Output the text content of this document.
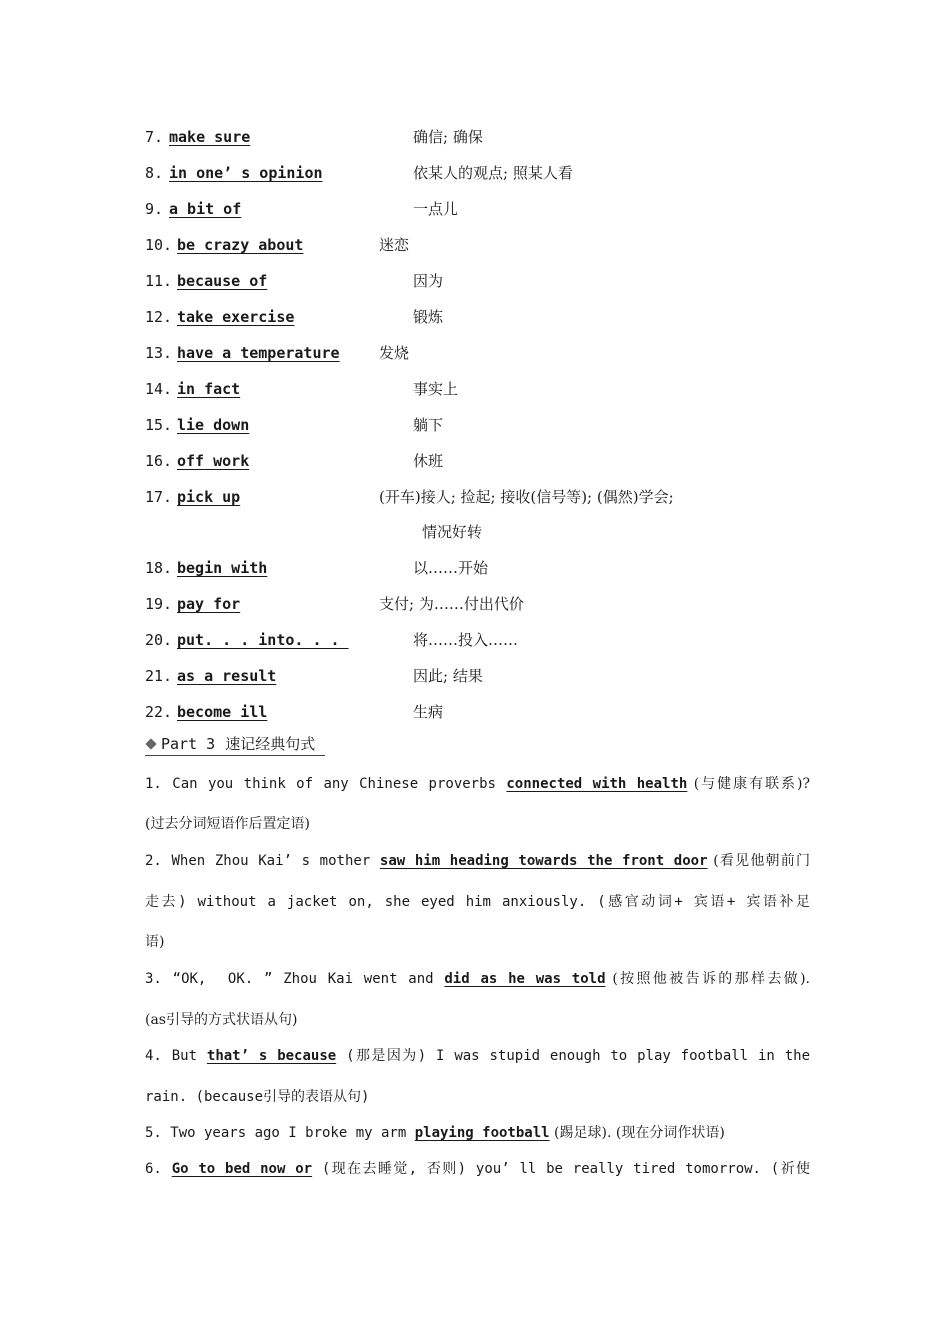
7. make sure	确信; 确保
8. in one’ s opinion	依某人的观点; 照某人看
9. a bit of	一点儿
10. be crazy about	迷恋
11. because of	因为
12. take exercise	锻炼
13. have a temperature	发烧
14. in fact	事实上
15. lie down	躺下
16. off work	休班
17. pick up	(开车)接人; 捡起; 接收(信号等); (偶然)学会;
情况好转
18. begin with	以……开始
19. pay for	支付; 为……付出代价
20. put. . . into. . .	将……投入……
21. as a result	因此; 结果
22. become ill	生病
Part 3 速记经典句式
1. Can you think of any Chinese proverbs connected with health (与健康有联系)?
(过去分词短语作后置定语)
2. When Zhou Kai’ s mother saw him heading towards the front door (看见他朝前门
走去) without a jacket on, she eyed him anxiously. (感官动词+ 宾语+ 宾语补足
语)
3. “OK,  OK. ” Zhou Kai went and did as he was told (按照他被告诉的那样去做).
(as引导的方式状语从句)
4. But that’ s because (那是因为) I was stupid enough to play football in the
rain. (because引导的表语从句)
5. Two years ago I broke my arm playing football (踢足球). (现在分词作状语)
6. Go to bed now or (现在去睡觉, 否则) you’ ll be really tired tomorrow. (祈使
